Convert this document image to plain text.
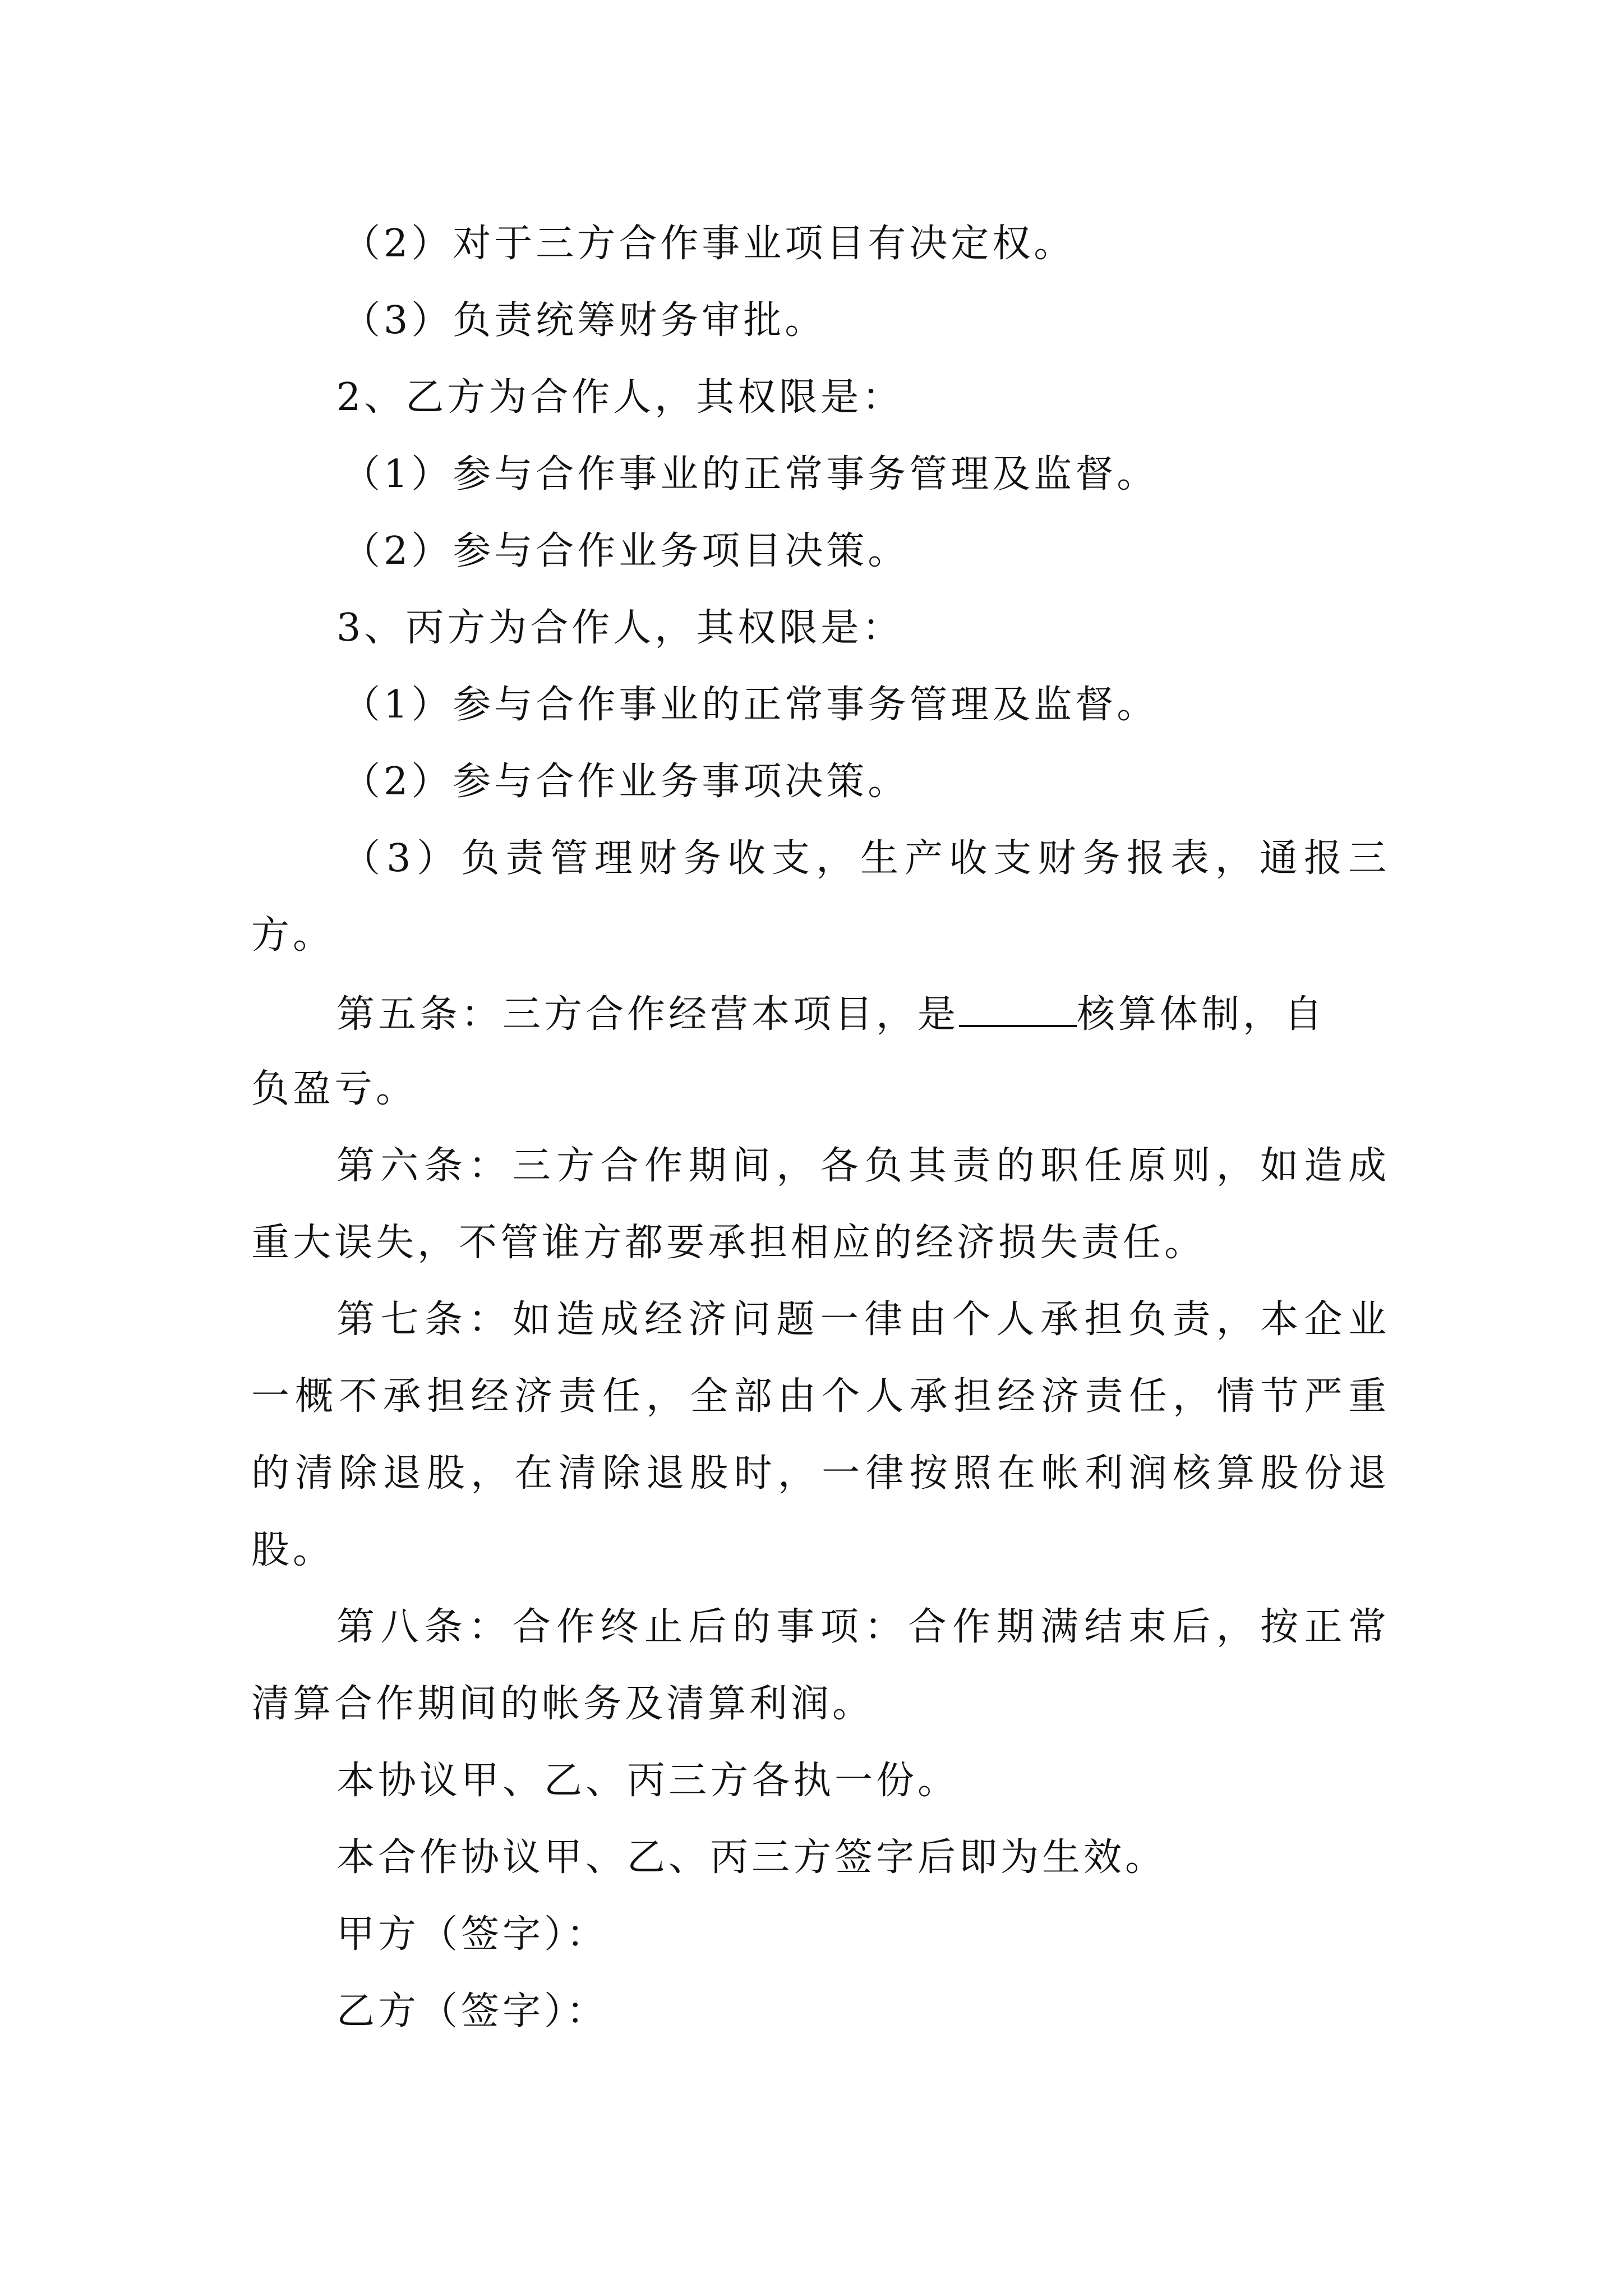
（2）对于三方合作事业项目有决定权。
（3）负责统筹财务审批。
2、乙方为合作人，其权限是：
（1）参与合作事业的正常事务管理及监督。
（2）参与合作业务项目决策。
3、丙方为合作人，其权限是：
（1）参与合作事业的正常事务管理及监督。
（2）参与合作业务事项决策。
（3）负责管理财务收支，生产收支财务报表，通报三
方。
第五条：三方合作经营本项目，是	核算体制，自
负盈亏。
第六条：三方合作期间，各负其责的职任原则，如造成
重大误失，不管谁方都要承担相应的经济损失责任。
第七条：如造成经济问题一律由个人承担负责，本企业
一概不承担经济责任，全部由个人承担经济责任，情节严重
的清除退股，在清除退股时，一律按照在帐利润核算股份退
股。
第八条：合作终止后的事项：合作期满结束后，按正常
清算合作期间的帐务及清算利润。
本协议甲、乙、丙三方各执一份。
本合作协议甲、乙、丙三方签字后即为生效。
甲方（签字）：
乙方（签字）：
